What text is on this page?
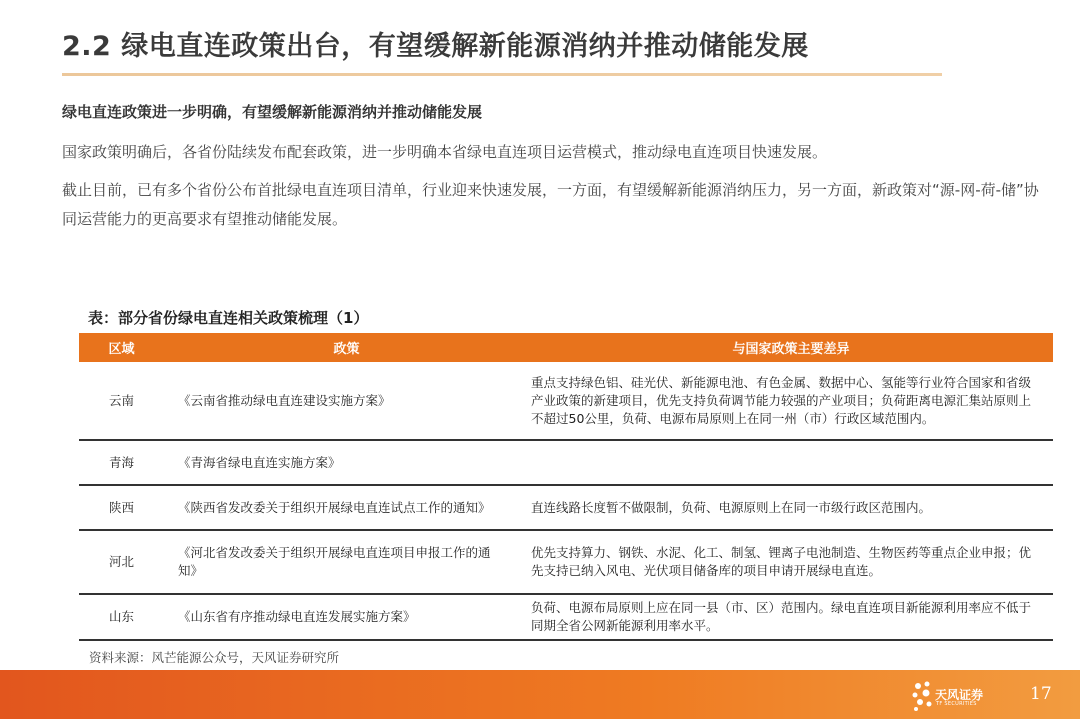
2.2 绿电直连政策出台，有望缓解新能源消纳并推动储能发展
绿电直连政策进一步明确，有望缓解新能源消纳并推动储能发展
国家政策明确后，各省份陆续发布配套政策，进一步明确本省绿电直连项目运营模式，推动绿电直连项目快速发展。
截止目前，已有多个省份公布首批绿电直连项目清单，行业迎来快速发展，一方面，有望缓解新能源消纳压力，另一方面，新政策对“源-网-荷-储”协同运营能力的更高要求有望推动储能发展。
表：部分省份绿电直连相关政策梳理（1）
区域	政策	与国家政策主要差异
云南	《云南省推动绿电直连建设实施方案》	重点支持绿色铝、硅光伏、新能源电池、有色金属、数据中心、氢能等行业符合国家和省级产业政策的新建项目，优先支持负荷调节能力较强的产业项目；负荷距离电源汇集站原则上不超过50公里，负荷、电源布局原则上在同一州（市）行政区域范围内。
青海	《青海省绿电直连实施方案》	
陕西	《陕西省发改委关于组织开展绿电直连试点工作的通知》	直连线路长度暂不做限制，负荷、电源原则上在同一市级行政区范围内。
河北	《河北省发改委关于组织开展绿电直连项目申报工作的通知》	优先支持算力、钢铁、水泥、化工、制氢、锂离子电池制造、生物医药等重点企业申报；优先支持已纳入风电、光伏项目储备库的项目申请开展绿电直连。
山东	《山东省有序推动绿电直连发展实施方案》	负荷、电源布局原则上应在同一县（市、区）范围内。绿电直连项目新能源利用率应不低于同期全省公网新能源利用率水平。
资料来源：风芒能源公众号，天风证券研究所
天风证券
TF SECURITIES	17
